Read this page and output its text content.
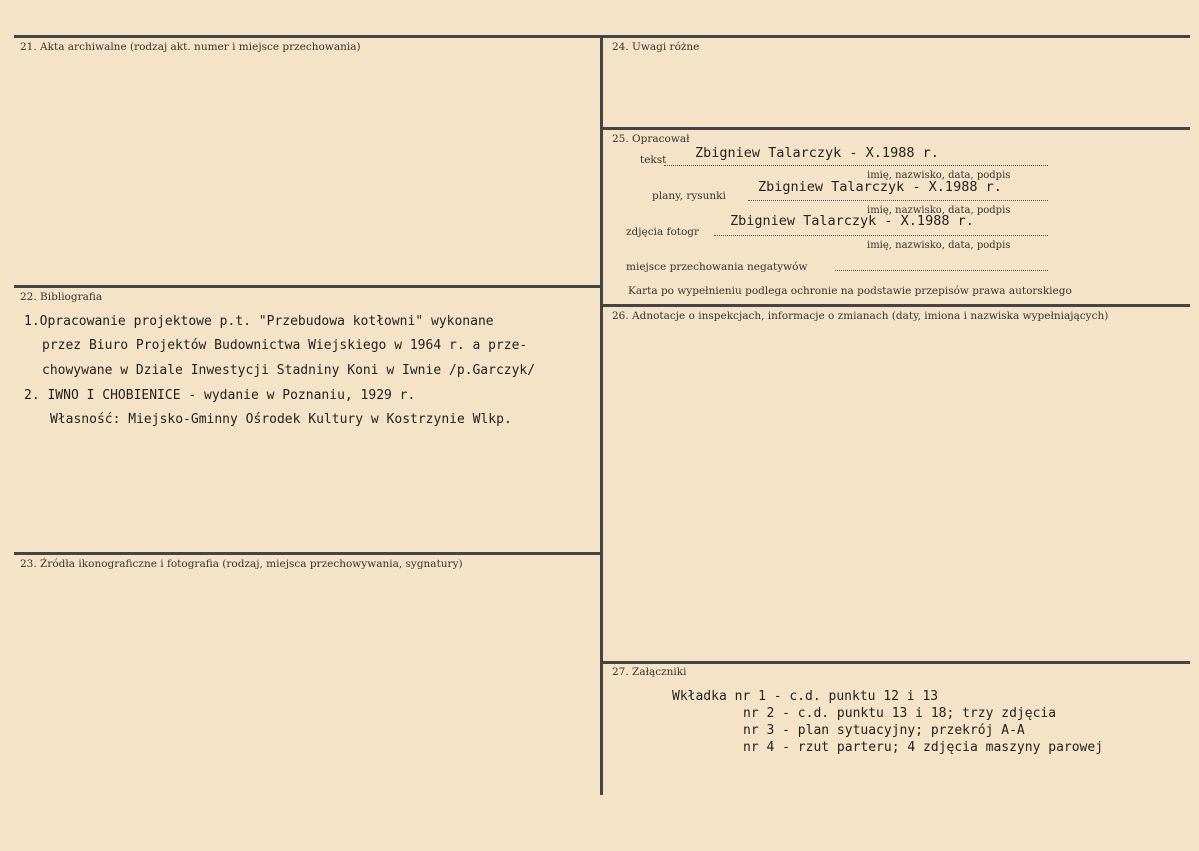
21. Akta archiwalne (rodzaj akt. numer i miejsce przechowania)
22. Bibliografia
1.Opracowanie projektowe p.t. "Przebudowa kotłowni" wykonane
przez Biuro Projektów Budownictwa Wiejskiego w 1964 r. a prze-
chowywane w Dziale Inwestycji Stadniny Koni w Iwnie /p.Garczyk/
2. IWNO I CHOBIENICE - wydanie w Poznaniu, 1929 r.
Własność: Miejsko-Gminny Ośrodek Kultury w Kostrzynie Wlkp.
23. Źródła ikonograficzne i fotografia (rodzaj, miejsca przechowywania, sygnatury)
24. Uwagi różne
25. Opracował
tekst Zbigniew Talarczyk - X.1988 r.
imię, nazwisko, data, podpis
plany, rysunki
Zbigniew Talarczyk - X.1988 r.
imię, nazwisko, data, podpis
zdjęcia fotogr
Zbigniew Talarczyk - X.1988 r.
imię, nazwisko, data, podpis
miejsce przechowania negatywów
Karta po wypełnieniu podlega ochronie na podstawie przepisów prawa autorskiego
26. Adnotacje o inspekcjach, informacje o zmianach (daty, imiona i nazwiska wypełniających)
27. Załączniki
Wkładka nr 1 - c.d. punktu 12 i 13
nr 2 - c.d. punktu 13 i 18; trzy zdjęcia
nr 3 - plan sytuacyjny; przekrój A-A
nr 4 - rzut parteru; 4 zdjęcia maszyny parowej
